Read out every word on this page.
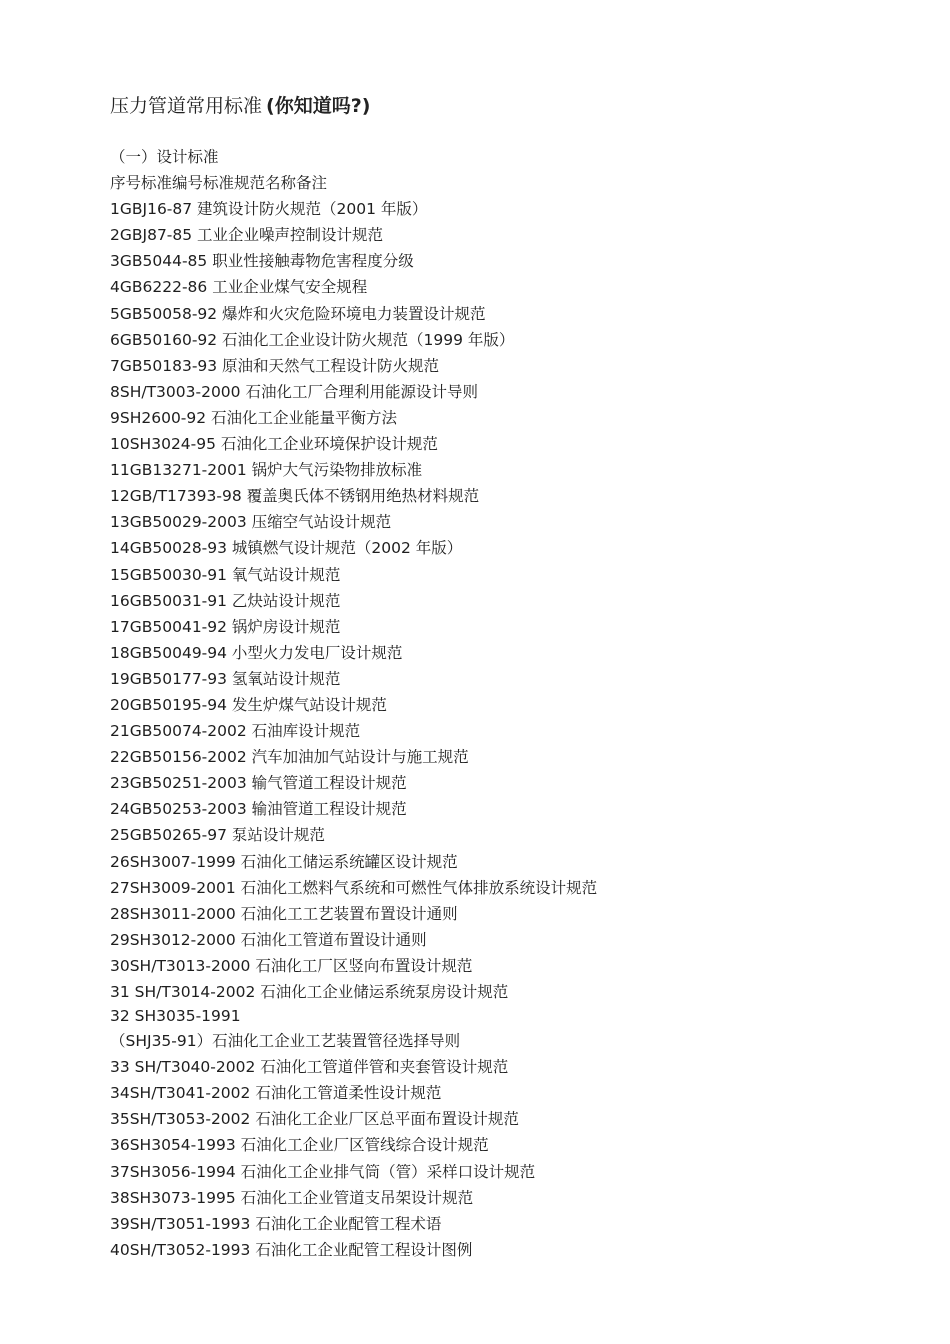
压力管道常用标准 (你知道吗?)
（一）设计标准
序号标准编号标准规范名称备注
1GBJ16-87 建筑设计防火规范（2001 年版）
2GBJ87-85 工业企业噪声控制设计规范
3GB5044-85 职业性接触毒物危害程度分级
4GB6222-86 工业企业煤气安全规程
5GB50058-92 爆炸和火灾危险环境电力装置设计规范
6GB50160-92 石油化工企业设计防火规范（1999 年版）
7GB50183-93 原油和天然气工程设计防火规范
8SH/T3003-2000 石油化工厂合理利用能源设计导则
9SH2600-92 石油化工企业能量平衡方法
10SH3024-95 石油化工企业环境保护设计规范
11GB13271-2001 锅炉大气污染物排放标准
12GB/T17393-98 覆盖奥氏体不锈钢用绝热材料规范
13GB50029-2003 压缩空气站设计规范
14GB50028-93 城镇燃气设计规范（2002 年版）
15GB50030-91 氧气站设计规范
16GB50031-91 乙炔站设计规范
17GB50041-92 锅炉房设计规范
18GB50049-94 小型火力发电厂设计规范
19GB50177-93 氢氧站设计规范
20GB50195-94 发生炉煤气站设计规范
21GB50074-2002 石油库设计规范
22GB50156-2002 汽车加油加气站设计与施工规范
23GB50251-2003 输气管道工程设计规范
24GB50253-2003 输油管道工程设计规范
25GB50265-97 泵站设计规范
26SH3007-1999 石油化工储运系统罐区设计规范
27SH3009-2001 石油化工燃料气系统和可燃性气体排放系统设计规范
28SH3011-2000 石油化工工艺装置布置设计通则
29SH3012-2000 石油化工管道布置设计通则
30SH/T3013-2000 石油化工厂区竖向布置设计规范
31 SH/T3014-2002 石油化工企业储运系统泵房设计规范
32 SH3035-1991
（SHJ35-91）石油化工企业工艺装置管径选择导则
33 SH/T3040-2002 石油化工管道伴管和夹套管设计规范
34SH/T3041-2002 石油化工管道柔性设计规范
35SH/T3053-2002 石油化工企业厂区总平面布置设计规范
36SH3054-1993 石油化工企业厂区管线综合设计规范
37SH3056-1994 石油化工企业排气筒（管）采样口设计规范
38SH3073-1995 石油化工企业管道支吊架设计规范
39SH/T3051-1993 石油化工企业配管工程术语
40SH/T3052-1993 石油化工企业配管工程设计图例
